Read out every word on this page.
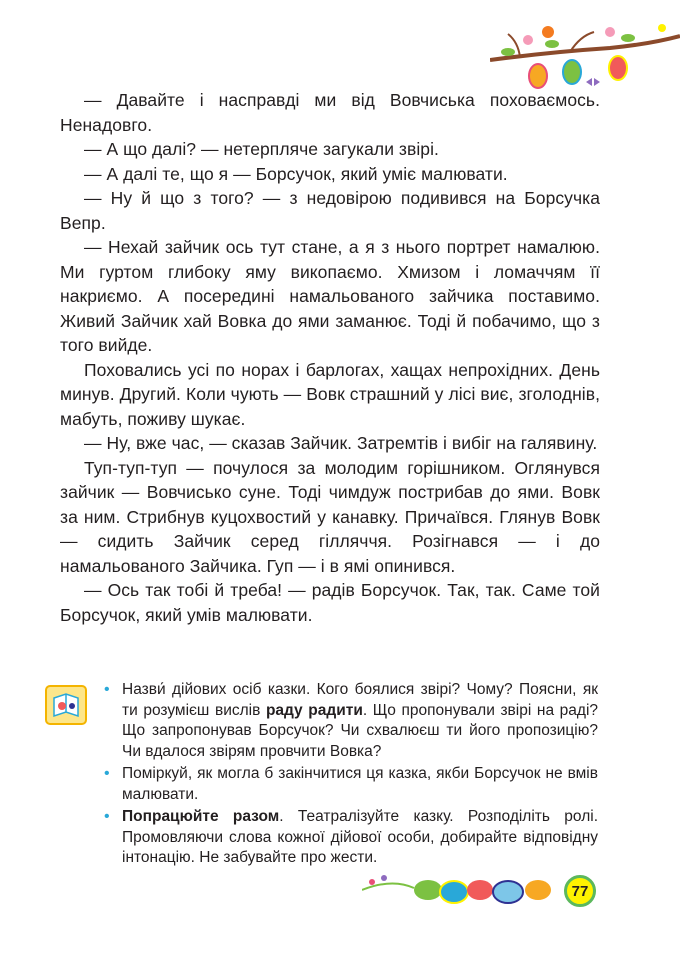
— Давайте і насправді ми від Вовчиська поховаємось. Ненадовго.

— А що далі? — нетерпляче загукали звірі.

— А далі те, що я — Борсучок, який уміє малювати.

— Ну й що з того? — з недовірою подивився на Борсучка Вепр.

— Нехай зайчик ось тут стане, а я з нього портрет намалюю. Ми гуртом глибоку яму викопаємо. Хмизом і ломаччям її накриємо. А посередині намальованого зайчика поставимо. Живий Зайчик хай Вовка до ями заманює. Тоді й побачимо, що з того вийде.

Поховались усі по норах і барлогах, хащах непрохідних. День минув. Другий. Коли чують — Вовк страшний у лісі виє, зголоднів, мабуть, поживу шукає.

— Ну, вже час, — сказав Зайчик. Затремтів і вибіг на галявину.

Туп-туп-туп — почулося за молодим горішником. Оглянувся зайчик — Вовчисько суне. Тоді чимдуж пострибав до ями. Вовк за ним. Стрибнув куцохвостий у канавку. Причаївся. Глянув Вовк — сидить Зайчик серед гілляччя. Розігнався — і до намальованого Зайчика. Гуп — і в ямі опинився.

— Ось так тобі й треба! — радів Борсучок. Так, так. Саме той Борсучок, який умів малювати.

• Назви́ дійових осіб казки. Кого боялися звірі? Чому? Поясни, як ти розумієш вислів раду радити. Що пропонували звірі на раді? Що запропонував Борсучок? Чи схвалюєш ти його пропозицію? Чи вдалося звірям провчити Вовка?
• Поміркуй, як могла б закінчитися ця казка, якби Борсучок не вмів малювати.
• Попрацюйте разом. Театралізуйте казку. Розподіліть ролі. Промовляючи слова кожної дійової особи, добирайте відповідну інтонацію. Не забувайте про жести.
77
